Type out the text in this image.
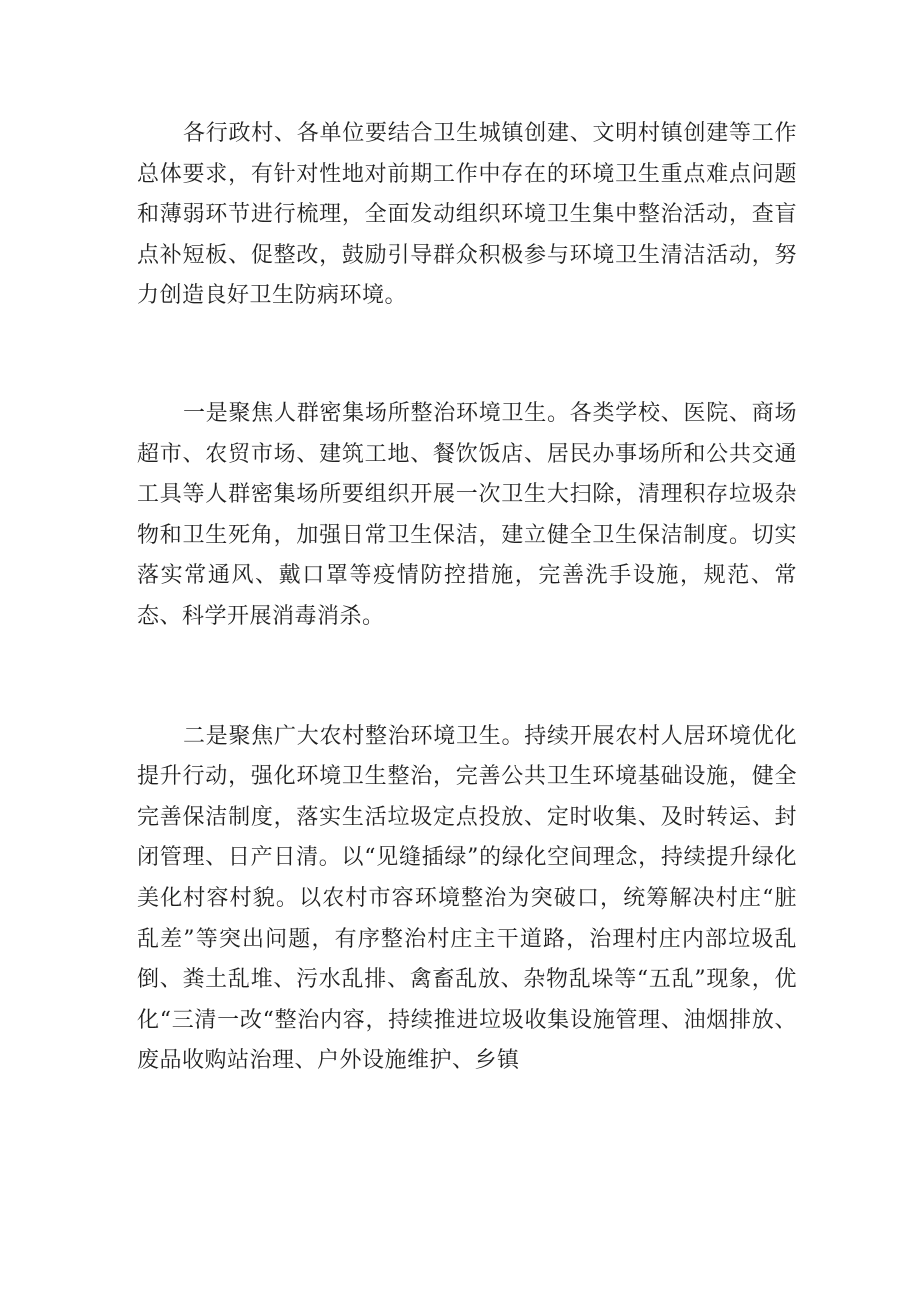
各行政村、各单位要结合卫生城镇创建、文明村镇创建等工作总体要求，有针对性地对前期工作中存在的环境卫生重点难点问题和薄弱环节进行梳理，全面发动组织环境卫生集中整治活动，查盲点补短板、促整改，鼓励引导群众积极参与环境卫生清洁活动，努力创造良好卫生防病环境。

一是聚焦人群密集场所整治环境卫生。各类学校、医院、商场超市、农贸市场、建筑工地、餐饮饭店、居民办事场所和公共交通工具等人群密集场所要组织开展一次卫生大扫除，清理积存垃圾杂物和卫生死角，加强日常卫生保洁，建立健全卫生保洁制度。切实落实常通风、戴口罩等疫情防控措施，完善洗手设施，规范、常态、科学开展消毒消杀。

二是聚焦广大农村整治环境卫生。持续开展农村人居环境优化提升行动，强化环境卫生整治，完善公共卫生环境基础设施，健全完善保洁制度，落实生活垃圾定点投放、定时收集、及时转运、封闭管理、日产日清。以“见缝插绿”的绿化空间理念，持续提升绿化美化村容村貌。以农村市容环境整治为突破口，统筹解决村庄“脏乱差”等突出问题，有序整治村庄主干道路，治理村庄内部垃圾乱倒、粪土乱堆、污水乱排、禽畜乱放、杂物乱垛等“五乱”现象，优化“三清一改“整治内容，持续推进垃圾收集设施管理、油烟排放、废品收购站治理、户外设施维护、乡镇
